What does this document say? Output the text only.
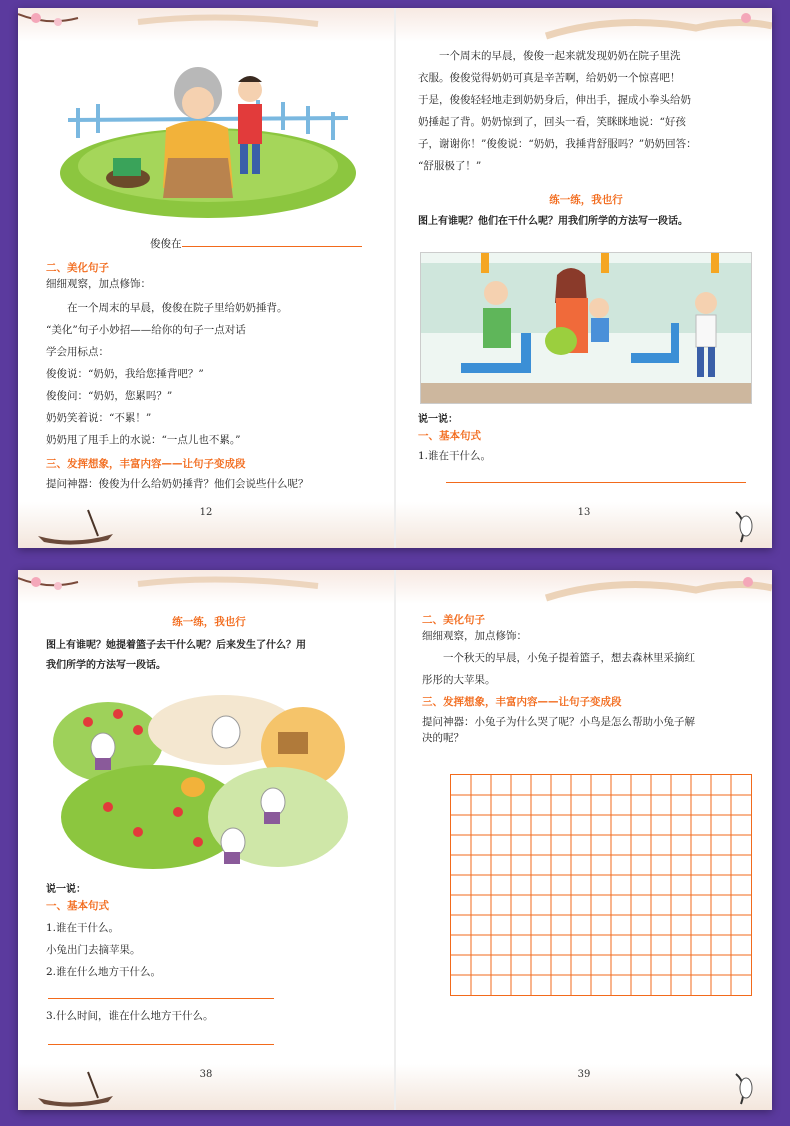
俊俊在
二、美化句子
细细观察，加点修饰：
在一个周末的早晨，俊俊在院子里给奶奶捶背。
“美化”句子小妙招——给你的句子一点对话
学会用标点：
俊俊说：“奶奶，我给您捶背吧？”
俊俊问：“奶奶，您累吗？”
奶奶笑着说：“不累！”
奶奶甩了甩手上的水说：“一点儿也不累。”
三、发挥想象，丰富内容——让句子变成段
提问神器：俊俊为什么给奶奶捶背？他们会说些什么呢？
12
一个周末的早晨，俊俊一起来就发现奶奶在院子里洗
衣服。俊俊觉得奶奶可真是辛苦啊，给奶奶一个惊喜吧！
于是，俊俊轻轻地走到奶奶身后，伸出手，握成小拳头给奶
奶捶起了背。奶奶惊到了，回头一看，笑眯眯地说：“好孩
子，谢谢你！”俊俊说：“奶奶，我捶背舒服吗？”奶奶回答：
“舒服极了！”
练一练，我也行
图上有谁呢？他们在干什么呢？用我们所学的方法写一段话。
说一说：
一、基本句式
1.谁在干什么。
13
练一练，我也行
图上有谁呢？她提着篮子去干什么呢？后来发生了什么？用
我们所学的方法写一段话。
说一说：
一、基本句式
1.谁在干什么。
小兔出门去摘苹果。
2.谁在什么地方干什么。
3.什么时间，谁在什么地方干什么。
38
二、美化句子
细细观察，加点修饰：
一个秋天的早晨，小兔子提着篮子，想去森林里采摘红
彤彤的大苹果。
三、发挥想象，丰富内容——让句子变成段
提问神器：小兔子为什么哭了呢？小鸟是怎么帮助小兔子解
决的呢？
39
